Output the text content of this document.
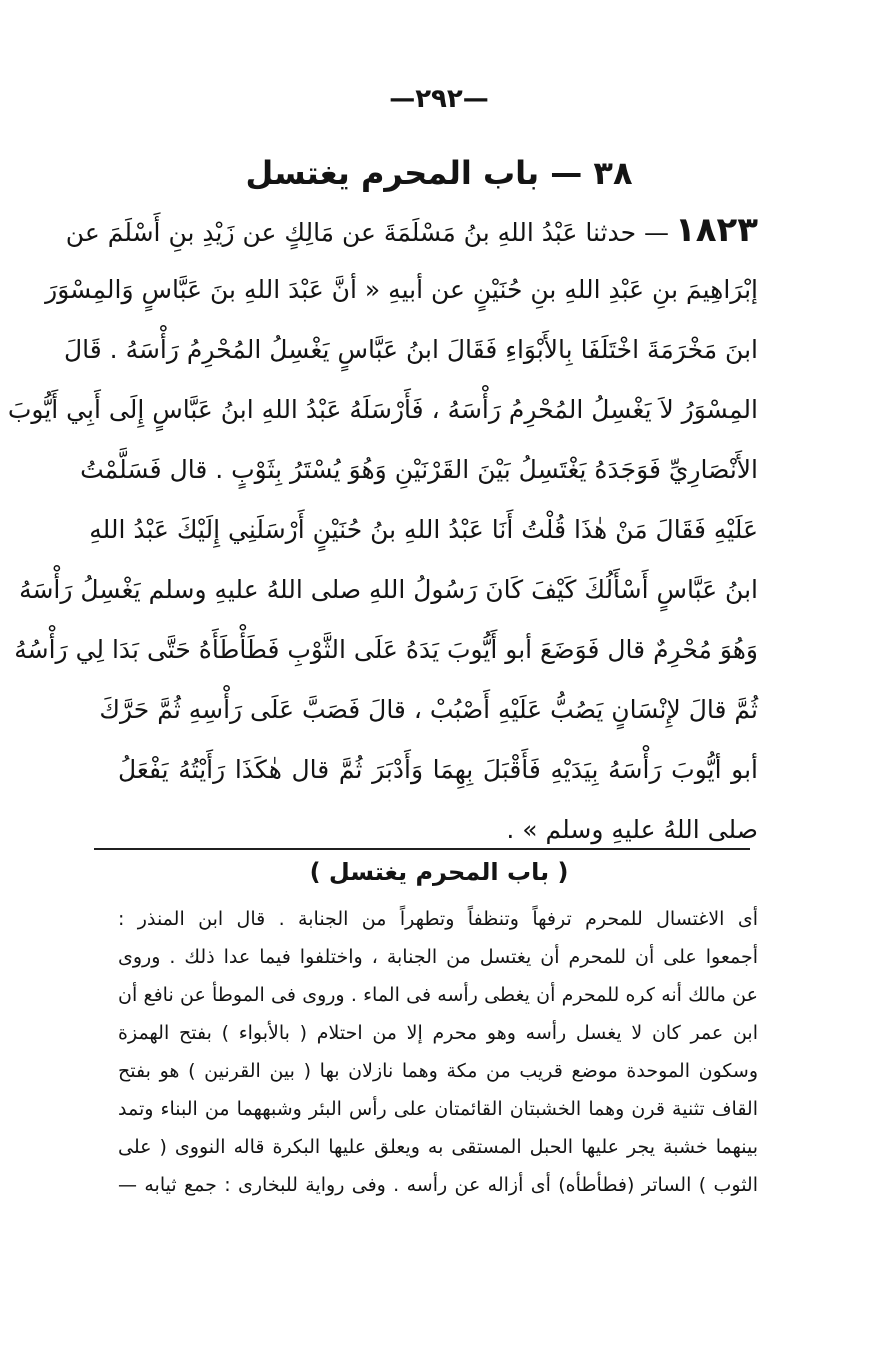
—٢٩٢—
٣٨ — باب المحرم يغتسل
١٨٢٣— حدثنا عَبْدُ اللهِ بنُ مَسْلَمَةَ عن مَالِكٍ عن زَيْدِ بنِ أَسْلَمَ عن
إبْرَاهِيمَ بنِ عَبْدِ اللهِ بنِ حُنَيْنٍ عن أبيهِ « أنَّ عَبْدَ اللهِ بنَ عَبَّاسٍ وَالمِسْوَرَ
ابنَ مَخْرَمَةَ اخْتَلَفَا بِالأَبْوَاءِ فَقَالَ ابنُ عَبَّاسٍ يَغْسِلُ المُحْرِمُ رَأْسَهُ . قَالَ
المِسْوَرُ لاَ يَغْسِلُ المُحْرِمُ رَأْسَهُ ، فَأَرْسَلَهُ عَبْدُ اللهِ ابنُ عَبَّاسٍ إِلَى أَبِي أَيُّوبَ
الأَنْصَارِيِّ فَوَجَدَهُ يَغْتَسِلُ بَيْنَ القَرْنَيْنِ وَهُوَ يُسْتَرُ بِثَوْبٍ . قال فَسَلَّمْتُ
عَلَيْهِ فَقَالَ مَنْ هٰذَا قُلْتُ أَنَا عَبْدُ اللهِ بنُ حُنَيْنٍ أَرْسَلَنِي إِلَيْكَ عَبْدُ اللهِ
ابنُ عَبَّاسٍ أَسْأَلُكَ كَيْفَ كَانَ رَسُولُ اللهِ صلى اللهُ عليهِ وسلم يَغْسِلُ رَأْسَهُ
وَهُوَ مُحْرِمٌ قال فَوَضَعَ أبو أَيُّوبَ يَدَهُ عَلَى الثَّوْبِ فَطَأْطَأَهُ حَتَّى بَدَا لِي رَأْسُهُ
ثُمَّ قالَ لإِنْسَانٍ يَصُبُّ عَلَيْهِ أَصْبُبْ ، قالَ فَصَبَّ عَلَى رَأْسِهِ ثُمَّ حَرَّكَ
أبو أيُّوبَ رَأْسَهُ بِيَدَيْهِ فَأَقْبَلَ بِهِمَا وَأَدْبَرَ ثُمَّ قال هٰكَذَا رَأَيْتُهُ يَفْعَلُ
صلى اللهُ عليهِ وسلم » .
( باب المحرم يغتسل )
أى الاغتسال للمحرم ترفهاً وتنظفاً وتطهراً من الجنابة . قال ابن المنذر :
أجمعوا على أن للمحرم أن يغتسل من الجنابة ، واختلفوا فيما عدا ذلك . وروى
عن مالك أنه كره للمحرم أن يغطى رأسه فى الماء . وروى فى الموطأ عن نافع أن
ابن عمر كان لا يغسل رأسه وهو محرم إلا من احتلام ( بالأبواء ) بفتح الهمزة
وسكون الموحدة موضع قريب من مكة وهما نازلان بها ( بين القرنين ) هو بفتح
القاف تثنية قرن وهما الخشبتان القائمتان على رأس البئر وشبههما من البناء وتمد
بينهما خشبة يجر عليها الحبل المستقى به ويعلق عليها البكرة قاله النووى ( على
الثوب ) الساتر (فطأطأه) أى أزاله عن رأسه . وفى رواية للبخارى : جمع ثيابه —
